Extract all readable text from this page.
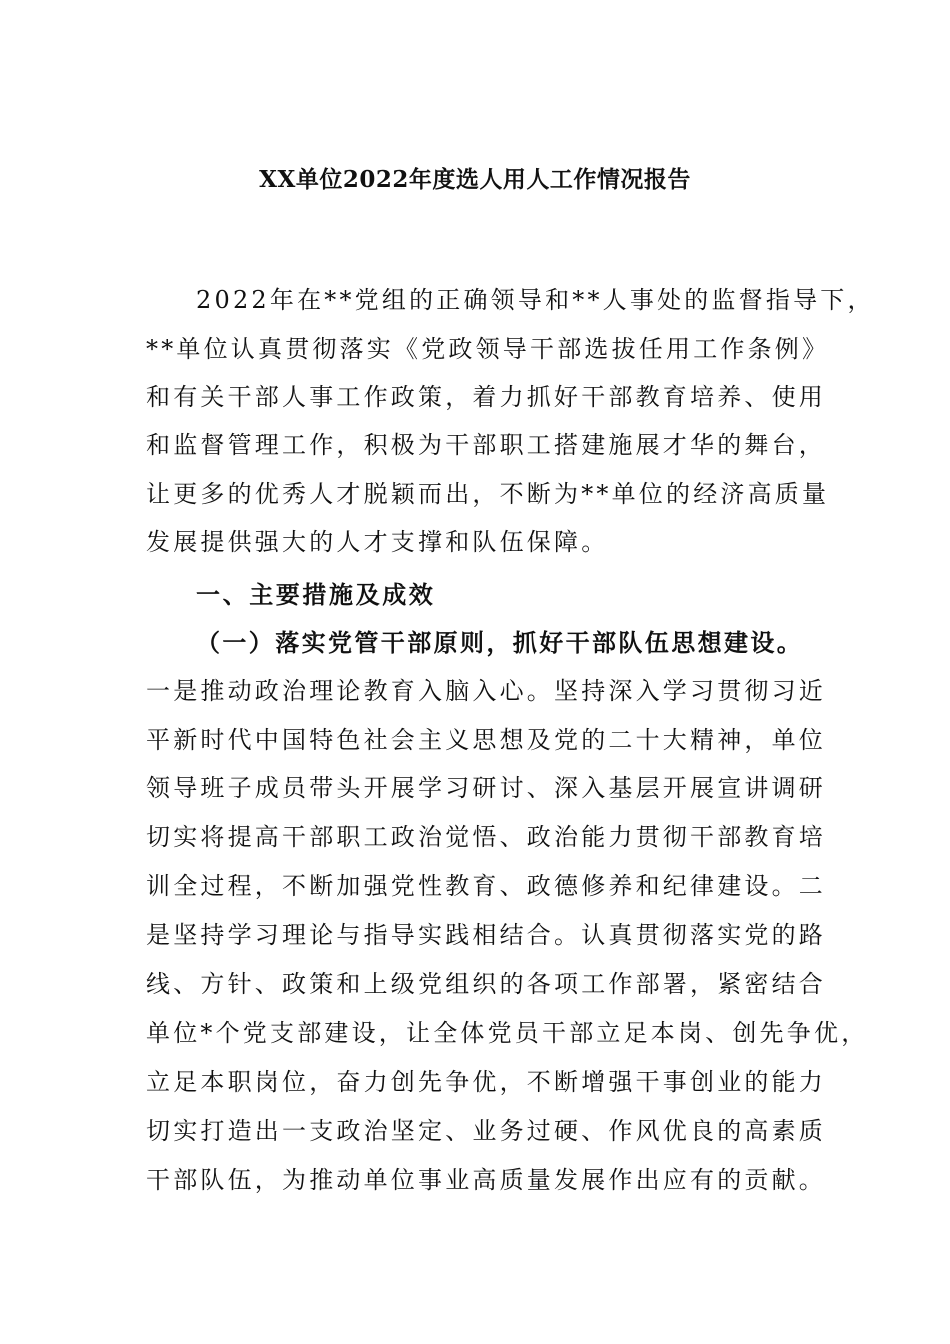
XX单位2022年度选人用人工作情况报告
2022年在**党组的正确领导和**人事处的监督指导下，
**单位认真贯彻落实《党政领导干部选拔任用工作条例》
和有关干部人事工作政策，着力抓好干部教育培养、使用
和监督管理工作，积极为干部职工搭建施展才华的舞台，
让更多的优秀人才脱颖而出，不断为**单位的经济高质量
发展提供强大的人才支撑和队伍保障。
一、主要措施及成效
（一）落实党管干部原则，抓好干部队伍思想建设。
一是推动政治理论教育入脑入心。坚持深入学习贯彻习近
平新时代中国特色社会主义思想及党的二十大精神，单位
领导班子成员带头开展学习研讨、深入基层开展宣讲调研
切实将提高干部职工政治觉悟、政治能力贯彻干部教育培
训全过程，不断加强党性教育、政德修养和纪律建设。二
是坚持学习理论与指导实践相结合。认真贯彻落实党的路
线、方针、政策和上级党组织的各项工作部署，紧密结合
单位*个党支部建设，让全体党员干部立足本岗、创先争优，
立足本职岗位，奋力创先争优，不断增强干事创业的能力
切实打造出一支政治坚定、业务过硬、作风优良的高素质
干部队伍，为推动单位事业高质量发展作出应有的贡献。
